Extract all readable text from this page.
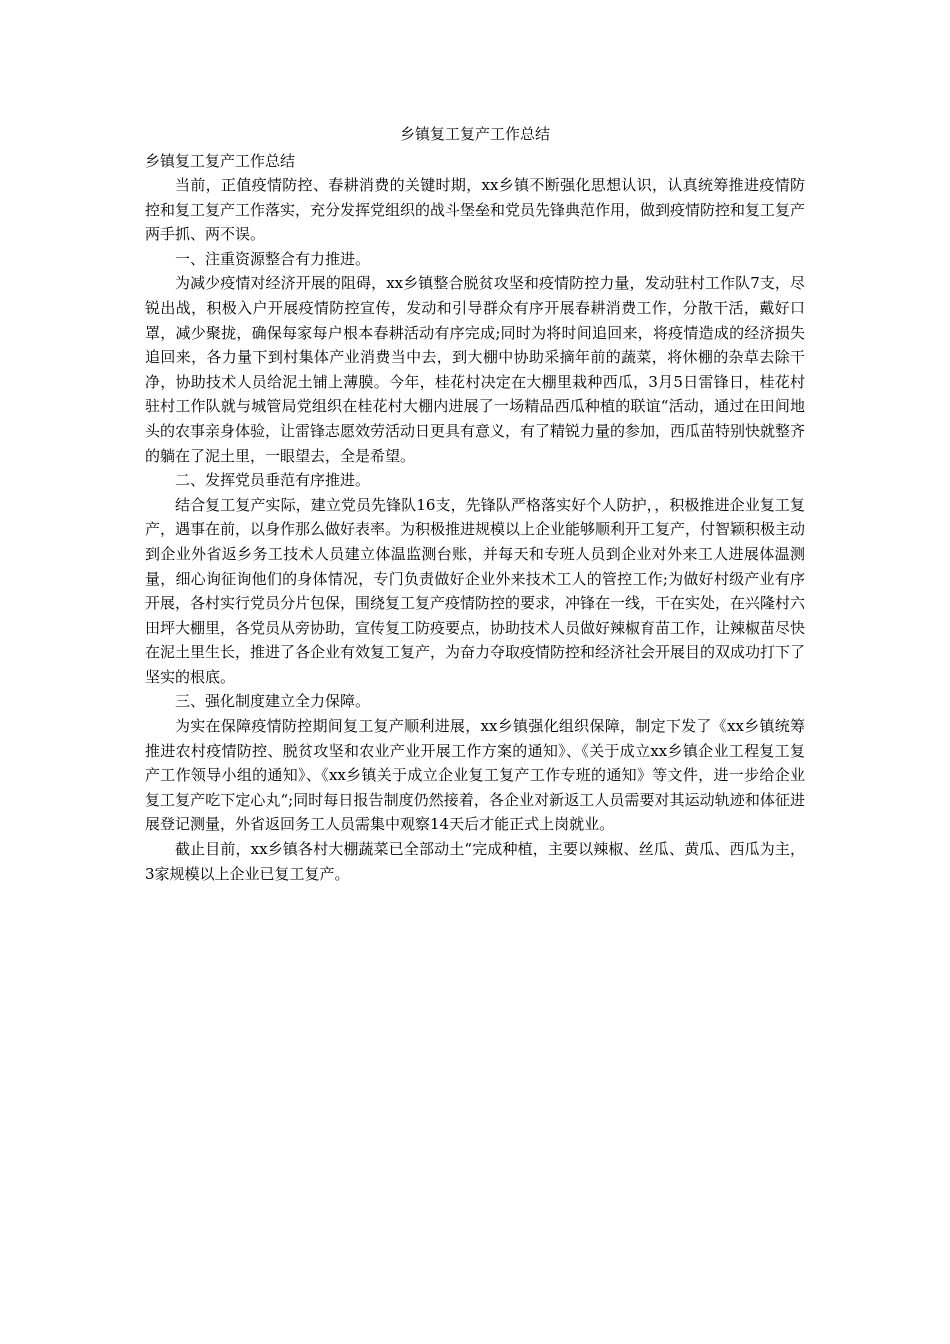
乡镇复工复产工作总结

乡镇复工复产工作总结

当前，正值疫情防控、春耕消费的关键时期，xx乡镇不断强化思想认识，认真统筹推进疫情防控和复工复产工作落实，充分发挥党组织的战斗堡垒和党员先锋典范作用，做到疫情防控和复工复产两手抓、两不误。

一、注重资源整合有力推进。

为减少疫情对经济开展的阻碍，xx乡镇整合脱贫攻坚和疫情防控力量，发动驻村工作队7支，尽锐出战，积极入户开展疫情防控宣传，发动和引导群众有序开展春耕消费工作，分散干活，戴好口罩，减少聚拢，确保每家每户根本春耕活动有序完成;同时为将时间追回来，将疫情造成的经济损失追回来，各力量下到村集体产业消费当中去，到大棚中协助采摘年前的蔬菜，将休棚的杂草去除干净，协助技术人员给泥土铺上薄膜。今年，桂花村决定在大棚里栽种西瓜，3月5日雷锋日，桂花村驻村工作队就与城管局党组织在桂花村大棚内进展了一场精品西瓜种植的联谊“活动，通过在田间地头的农事亲身体验，让雷锋志愿效劳活动日更具有意义，有了精锐力量的参加，西瓜苗特别快就整齐的躺在了泥土里，一眼望去，全是希望。

二、发挥党员垂范有序推进。

结合复工复产实际，建立党员先锋队16支，先锋队严格落实好个人防护，，积极推进企业复工复产，遇事在前，以身作那么做好表率。为积极推进规模以上企业能够顺利开工复产，付智颖积极主动到企业外省返乡务工技术人员建立体温监测台账，并每天和专班人员到企业对外来工人进展体温测量，细心询征询他们的身体情况，专门负责做好企业外来技术工人的管控工作;为做好村级产业有序开展，各村实行党员分片包保，围绕复工复产疫情防控的要求，冲锋在一线，干在实处，在兴隆村六田坪大棚里，各党员从旁协助，宣传复工防疫要点，协助技术人员做好辣椒育苗工作，让辣椒苗尽快在泥土里生长，推进了各企业有效复工复产，为奋力夺取疫情防控和经济社会开展目的双成功打下了坚实的根底。

三、强化制度建立全力保障。

为实在保障疫情防控期间复工复产顺利进展，xx乡镇强化组织保障，制定下发了《xx乡镇统筹推进农村疫情防控、脱贫攻坚和农业产业开展工作方案的通知》、《关于成立xx乡镇企业工程复工复产工作领导小组的通知》、《xx乡镇关于成立企业复工复产工作专班的通知》等文件，进一步给企业复工复产吃下定心丸“;同时每日报告制度仍然接着，各企业对新返工人员需要对其运动轨迹和体征进展登记测量，外省返回务工人员需集中观察14天后才能正式上岗就业。

截止目前，xx乡镇各村大棚蔬菜已全部动土“完成种植，主要以辣椒、丝瓜、黄瓜、西瓜为主，3家规模以上企业已复工复产。
